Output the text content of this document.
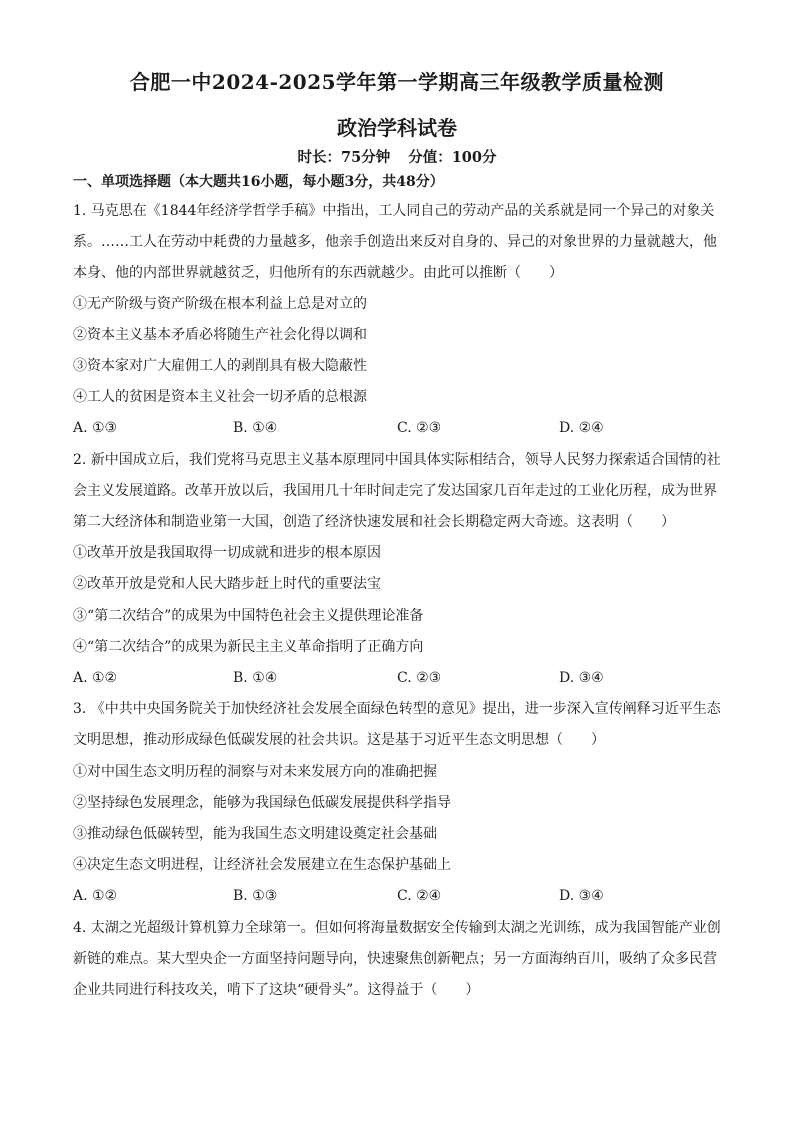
合肥一中2024-2025学年第一学期高三年级教学质量检测
政治学科试卷
时长：75分钟 分值：100分
一、单项选择题（本大题共16小题，每小题3分，共48分）
1. 马克思在《1844年经济学哲学手稿》中指出，工人同自己的劳动产品的关系就是同一个异己的对象关
系。……工人在劳动中耗费的力量越多，他亲手创造出来反对自身的、异己的对象世界的力量就越大，他
本身、他的内部世界就越贫乏，归他所有的东西就越少。由此可以推断（　　）
①无产阶级与资产阶级在根本利益上总是对立的
②资本主义基本矛盾必将随生产社会化得以调和
③资本家对广大雇佣工人的剥削具有极大隐蔽性
④工人的贫困是资本主义社会一切矛盾的总根源
A. ①③	B. ①④	C. ②③	D. ②④
2. 新中国成立后，我们党将马克思主义基本原理同中国具体实际相结合，领导人民努力探索适合国情的社
会主义发展道路。改革开放以后，我国用几十年时间走完了发达国家几百年走过的工业化历程，成为世界
第二大经济体和制造业第一大国，创造了经济快速发展和社会长期稳定两大奇迹。这表明（　　）
①改革开放是我国取得一切成就和进步的根本原因
②改革开放是党和人民大踏步赶上时代的重要法宝
③“第二次结合”的成果为中国特色社会主义提供理论准备
④“第二次结合”的成果为新民主主义革命指明了正确方向
A. ①②	B. ①④	C. ②③	D. ③④
3. 《中共中央国务院关于加快经济社会发展全面绿色转型的意见》提出，进一步深入宣传阐释习近平生态
文明思想，推动形成绿色低碳发展的社会共识。这是基于习近平生态文明思想（　　）
①对中国生态文明历程的洞察与对未来发展方向的准确把握
②坚持绿色发展理念，能够为我国绿色低碳发展提供科学指导
③推动绿色低碳转型，能为我国生态文明建设奠定社会基础
④决定生态文明进程，让经济社会发展建立在生态保护基础上
A. ①②	B. ①③	C. ②④	D. ③④
4. 太湖之光超级计算机算力全球第一。但如何将海量数据安全传输到太湖之光训练，成为我国智能产业创
新链的难点。某大型央企一方面坚持问题导向，快速聚焦创新靶点；另一方面海纳百川，吸纳了众多民营
企业共同进行科技攻关，啃下了这块“硬骨头”。这得益于（　　）
